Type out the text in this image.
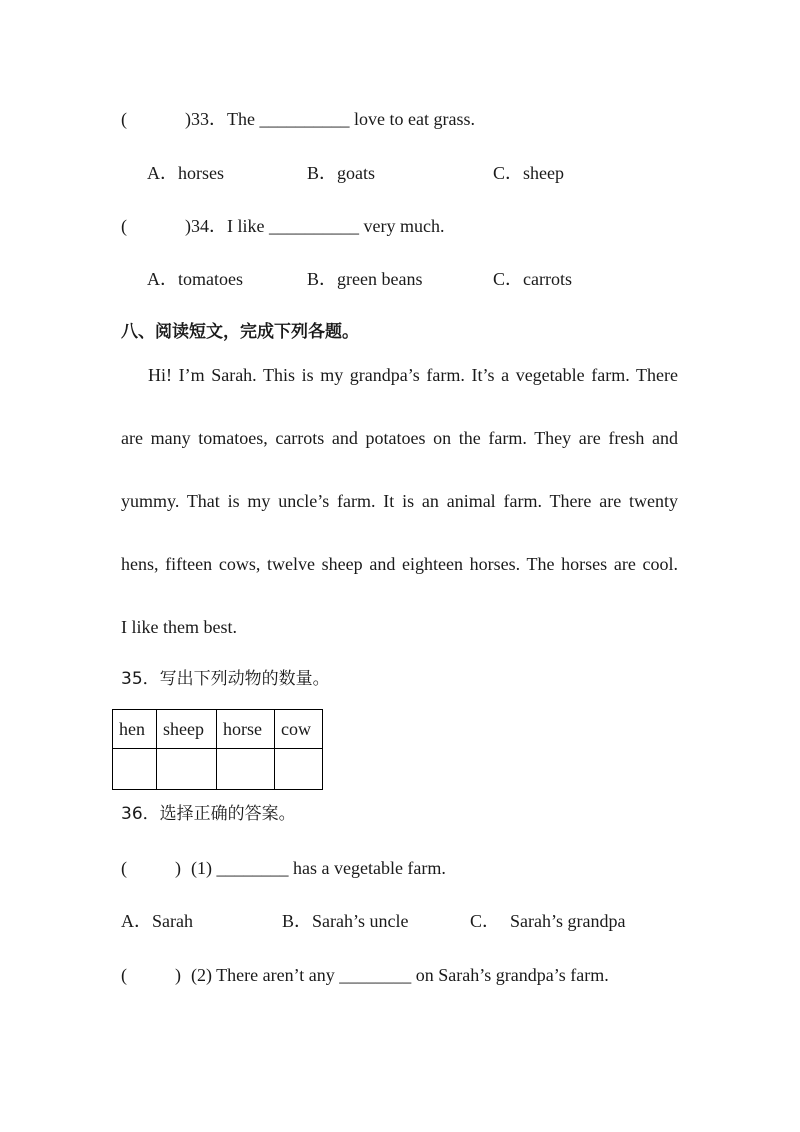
(	)33．The __________ love to eat grass.
A．horses	B．goats	C．sheep
(	)34．I like __________ very much.
A．tomatoes	B．green beans	C．carrots
八、阅读短文，完成下列各题。
Hi! I’m Sarah. This is my grandpa’s farm. It’s a vegetable farm. There
are many tomatoes, carrots and potatoes on the farm. They are fresh and
yummy. That is my uncle’s farm. It is an animal farm. There are twenty
hens, fifteen cows, twelve sheep and eighteen horses. The horses are cool.
I like them best.
35．写出下列动物的数量。
hen	sheep	horse	cow

36．选择正确的答案。
(	) (1) ________ has a vegetable farm.
A．Sarah	B．Sarah’s uncle	C． Sarah’s grandpa
(	) (2) There aren’t any ________ on Sarah’s grandpa’s farm.
